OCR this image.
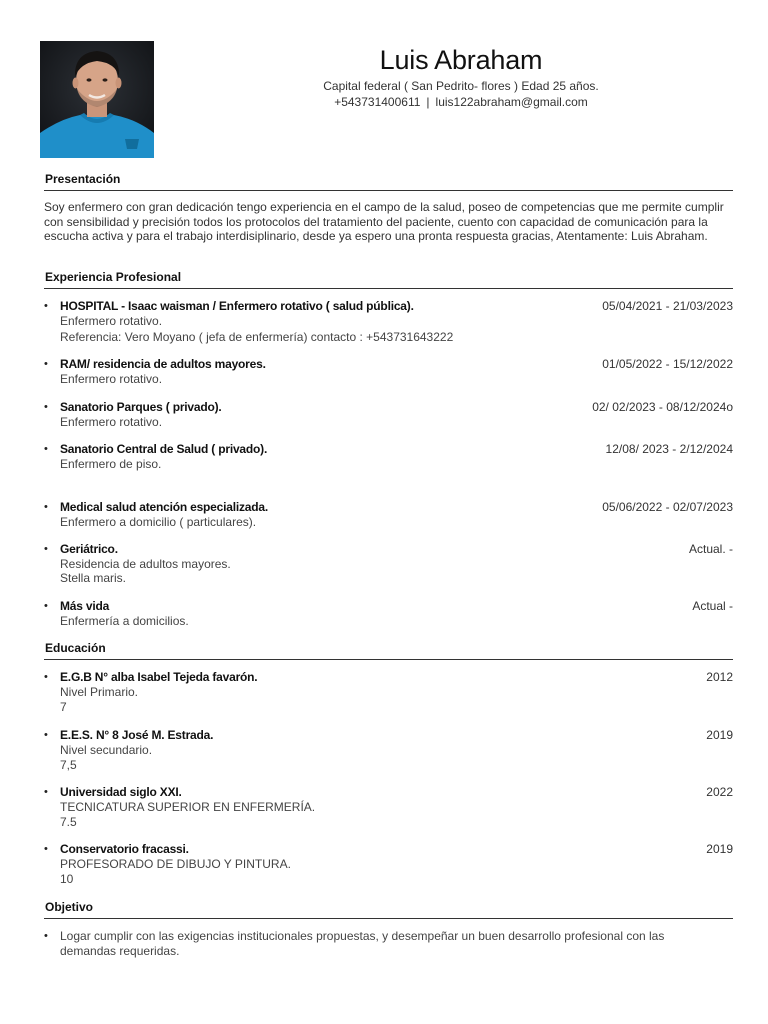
Luis Abraham
Capital federal ( San Pedrito- flores ) Edad 25 años.
+543731400611 | luis122abraham@gmail.com
Presentación
Soy enfermero con gran dedicación tengo experiencia en el campo de la salud, poseo de competencias que me permite cumplir con sensibilidad y precisión todos los protocolos del tratamiento del paciente, cuento con capacidad de comunicación para la escucha activa y para el trabajo interdisiplinario, desde ya espero una pronta respuesta gracias, Atentamente: Luis Abraham.
Experiencia Profesional
• HOSPITAL - Isaac waisman / Enfermero rotativo ( salud pública).	05/04/2021 - 21/03/2023
Enfermero rotativo.
Referencia: Vero Moyano ( jefa de enfermería) contacto : +543731643222
• RAM/ residencia de adultos mayores.	01/05/2022 - 15/12/2022
Enfermero rotativo.
• Sanatorio Parques ( privado).	02/ 02/2023 - 08/12/2024o
Enfermero rotativo.
• Sanatorio Central de Salud ( privado).	12/08/ 2023 - 2/12/2024
Enfermero de piso.
• Medical salud atención especializada.	05/06/2022 - 02/07/2023
Enfermero a domicilio ( particulares).
• Geriátrico.	Actual. -
Residencia de adultos mayores.
Stella maris.
• Más vida	Actual -
Enfermería a domicilios.
Educación
• E.G.B N° alba Isabel Tejeda favarón.	2012
Nivel Primario.
7
• E.E.S. N° 8 José M. Estrada.	2019
Nivel secundario.
7,5
• Universidad siglo XXI.	2022
TECNICATURA SUPERIOR EN ENFERMERÍA.
7.5
• Conservatorio fracassi.	2019
PROFESORADO DE DIBUJO Y PINTURA.
10
Objetivo
• Logar cumplir con las exigencias institucionales propuestas, y desempeñar un buen desarrollo profesional con las demandas requeridas.
